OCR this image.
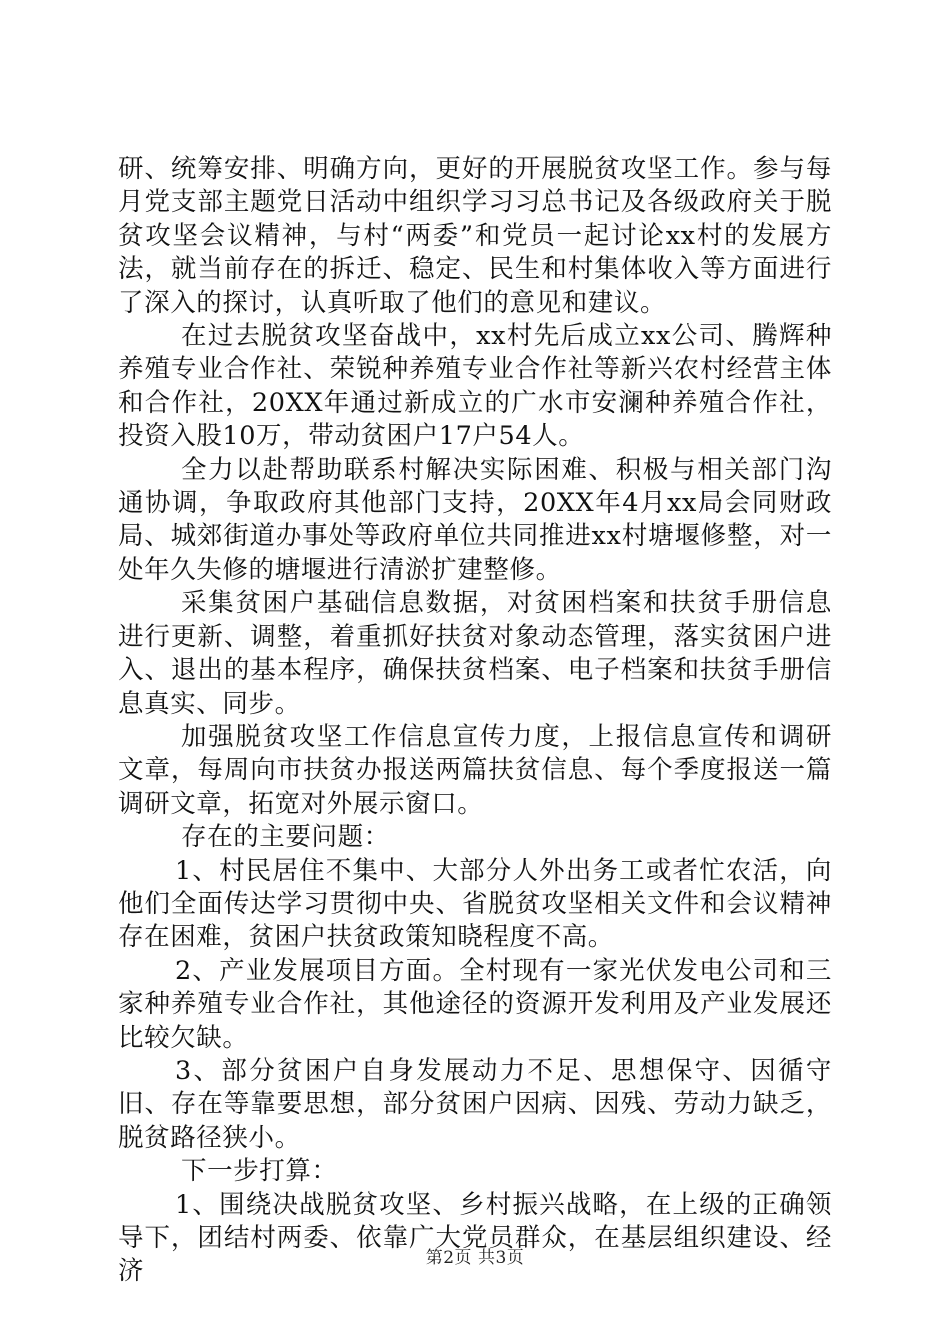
研、统筹安排、明确方向，更好的开展脱贫攻坚工作。参与每月党支部主题党日活动中组织学习习总书记及各级政府关于脱贫攻坚会议精神，与村“两委”和党员一起讨论xx村的发展方法，就当前存在的拆迁、稳定、民生和村集体收入等方面进行了深入的探讨，认真听取了他们的意见和建议。

在过去脱贫攻坚奋战中，xx村先后成立xx公司、腾辉种养殖专业合作社、荣锐种养殖专业合作社等新兴农村经营主体和合作社，20XX年通过新成立的广水市安澜种养殖合作社，投资入股10万，带动贫困户17户54人。

全力以赴帮助联系村解决实际困难、积极与相关部门沟通协调，争取政府其他部门支持，20XX年4月xx局会同财政局、城郊街道办事处等政府单位共同推进xx村塘堰修整，对一处年久失修的塘堰进行清淤扩建整修。

采集贫困户基础信息数据，对贫困档案和扶贫手册信息进行更新、调整，着重抓好扶贫对象动态管理，落实贫困户进入、退出的基本程序，确保扶贫档案、电子档案和扶贫手册信息真实、同步。

加强脱贫攻坚工作信息宣传力度，上报信息宣传和调研文章，每周向市扶贫办报送两篇扶贫信息、每个季度报送一篇调研文章，拓宽对外展示窗口。

存在的主要问题：

1、村民居住不集中、大部分人外出务工或者忙农活，向他们全面传达学习贯彻中央、省脱贫攻坚相关文件和会议精神存在困难，贫困户扶贫政策知晓程度不高。

2、产业发展项目方面。全村现有一家光伏发电公司和三家种养殖专业合作社，其他途径的资源开发利用及产业发展还比较欠缺。

3、部分贫困户自身发展动力不足、思想保守、因循守旧、存在等靠要思想，部分贫困户因病、因残、劳动力缺乏，脱贫路径狭小。

下一步打算：

1、围绕决战脱贫攻坚、乡村振兴战略，在上级的正确领导下，团结村两委、依靠广大党员群众，在基层组织建设、经济	第2页 共3页
